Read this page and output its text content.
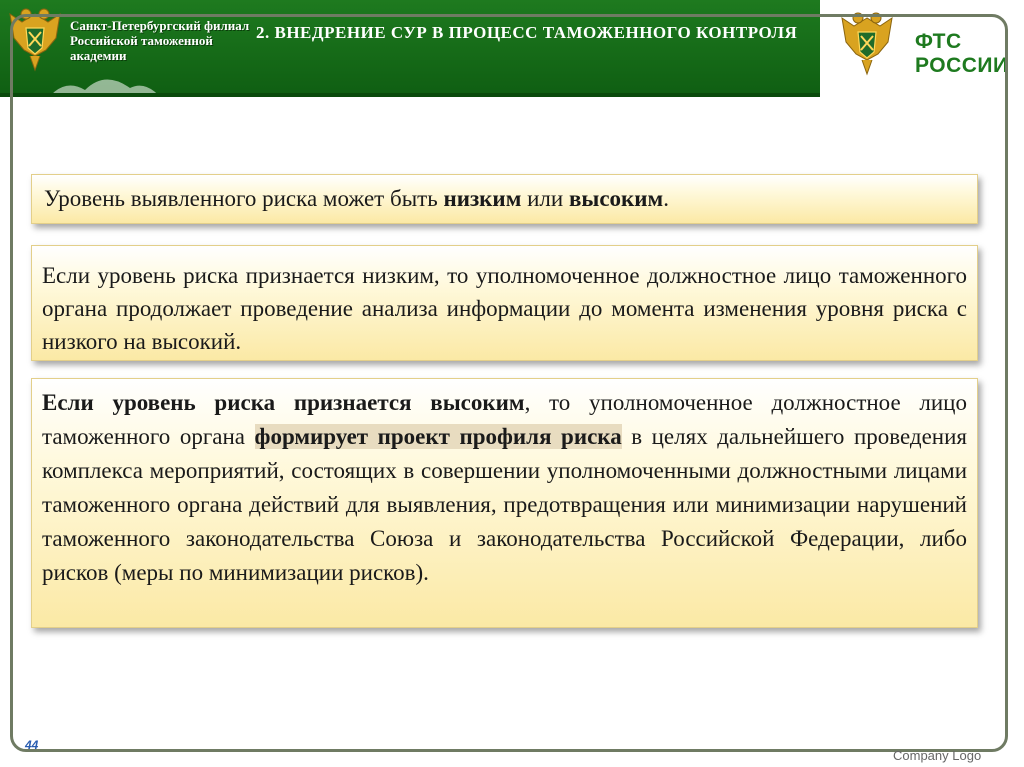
Санкт-Петербургский филиал Российской таможенной академии
2. ВНЕДРЕНИЕ СУР В ПРОЦЕСС ТАМОЖЕННОГО КОНТРОЛЯ	ФТС
РОССИИ

Уровень выявленного риска может быть низким или высоким.

Если уровень риска признается низким, то уполномоченное должностное лицо таможенного органа продолжает проведение анализа информации до момента изменения уровня риска с низкого на высокий.

Если уровень риска признается высоким, то уполномоченное должностное лицо таможенного органа формирует проект профиля риска в целях дальнейшего проведения комплекса мероприятий, состоящих в совершении уполномоченными должностными лицами таможенного органа действий для выявления, предотвращения или минимизации нарушений таможенного законодательства Союза и законодательства Российской Федерации, либо рисков (меры по минимизации рисков).

44
Company Logo
